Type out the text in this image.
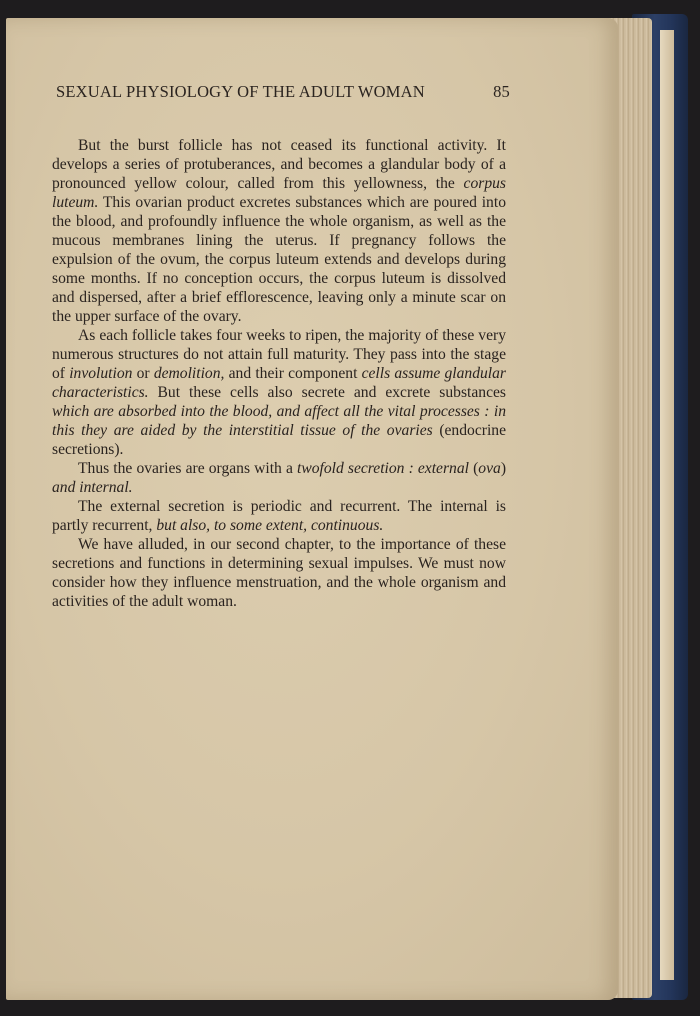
SEXUAL PHYSIOLOGY OF THE ADULT WOMAN	85

But the burst follicle has not ceased its functional activity. It develops a series of protuberances, and becomes a glandular body of a pronounced yellow colour, called from this yellowness, the corpus luteum. This ovarian product excretes substances which are poured into the blood, and profoundly influence the whole organism, as well as the mucous membranes lining the uterus. If pregnancy follows the expulsion of the ovum, the corpus luteum extends and develops during some months. If no conception occurs, the corpus luteum is dissolved and dispersed, after a brief efflorescence, leaving only a minute scar on the upper surface of the ovary.

As each follicle takes four weeks to ripen, the majority of these very numerous structures do not attain full maturity. They pass into the stage of involution or demolition, and their component cells assume glandular characteristics. But these cells also secrete and excrete substances which are absorbed into the blood, and affect all the vital processes : in this they are aided by the interstitial tissue of the ovaries (endocrine secretions).

Thus the ovaries are organs with a twofold secretion : external (ova) and internal.

The external secretion is periodic and recurrent. The internal is partly recurrent, but also, to some extent, continuous.

We have alluded, in our second chapter, to the importance of these secretions and functions in determining sexual impulses. We must now consider how they influence menstruation, and the whole organism and activities of the adult woman.
